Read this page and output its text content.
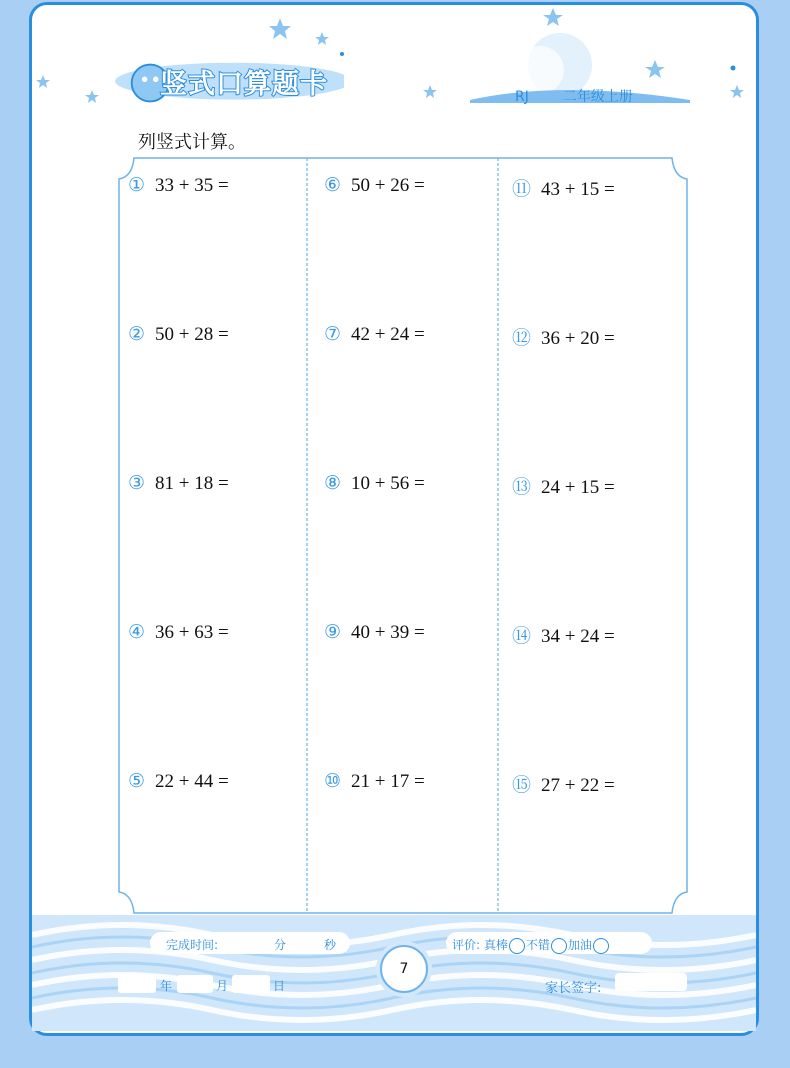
竖式口算题卡	RJ 二年级上册
列竖式计算。
① 33 + 35 =
② 50 + 28 =
③ 81 + 18 =
④ 36 + 63 =
⑤ 22 + 44 =
⑥ 50 + 26 =
⑦ 42 + 24 =
⑧ 10 + 56 =
⑨ 40 + 39 =
⑩ 21 + 17 =
⑪ 43 + 15 =
⑫ 36 + 20 =
⑬ 24 + 15 =
⑭ 34 + 24 =
⑮ 27 + 22 =
完成时间:	分	秒	评价: 真棒 不错 加油
年	月	日
7
家长签字:
